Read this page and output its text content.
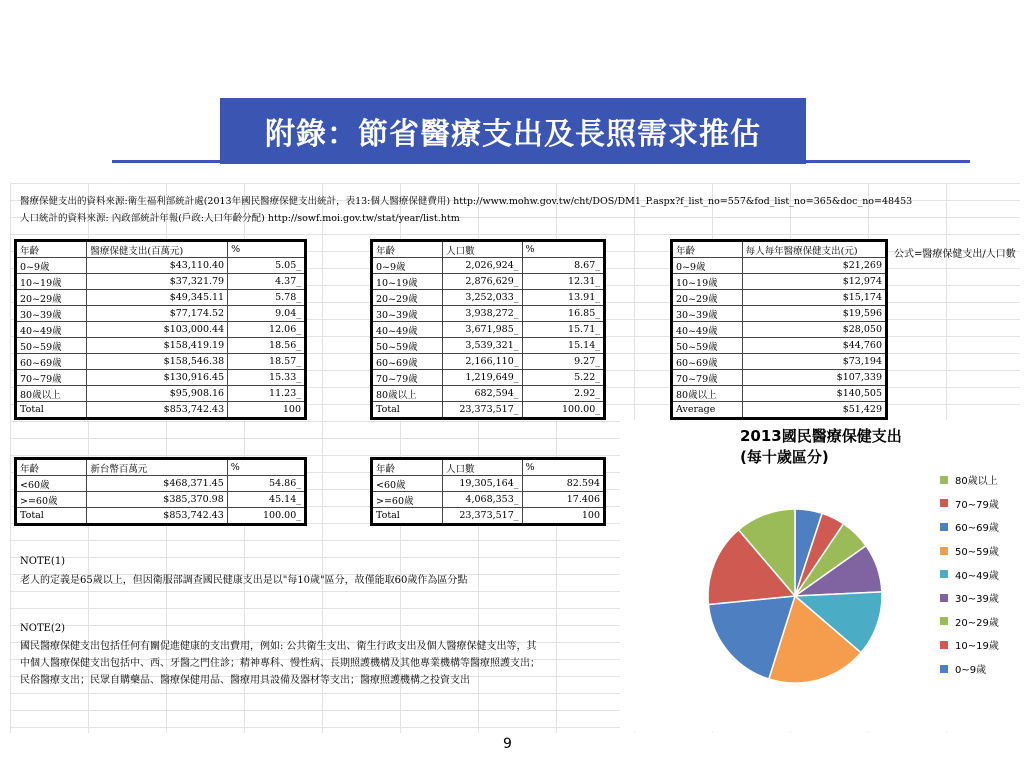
附錄：節省醫療支出及長照需求推估
醫療保健支出的資料來源:衛生福利部統計處(2013年國民醫療保健支出統計，表13:個人醫療保健費用) http://www.mohw.gov.tw/cht/DOS/DM1_P.aspx?f_list_no=557&fod_list_no=365&doc_no=48453
人口統計的資料來源: 內政部統計年報(戶政:人口年齡分配) http://sowf.moi.gov.tw/stat/year/list.htm
年齡	醫療保健支出(百萬元)	%
0~9歲	$43,110.40	5.05_
10~19歲	$37,321.79	4.37_
20~29歲	$49,345.11	5.78_
30~39歲	$77,174.52	9.04_
40~49歲	$103,000.44	12.06_
50~59歲	$158,419.19	18.56_
60~69歲	$158,546.38	18.57_
70~79歲	$130,916.45	15.33_
80歲以上	$95,908.16	11.23_
Total	$853,742.43	100
年齡	人口數	%
0~9歲	2,026,924_	8.67_
10~19歲	2,876,629_	12.31_
20~29歲	3,252,033_	13.91_
30~39歲	3,938,272_	16.85_
40~49歲	3,671,985_	15.71_
50~59歲	3,539,321_	15.14_
60~69歲	2,166,110_	9.27_
70~79歲	1,219,649_	5.22_
80歲以上	682,594_	2.92_
Total	23,373,517_	100.00_
年齡	每人每年醫療保健支出(元)
0~9歲	$21,269
10~19歲	$12,974
20~29歲	$15,174
30~39歲	$19,596
40~49歲	$28,050
50~59歲	$44,760
60~69歲	$73,194
70~79歲	$107,339
80歲以上	$140,505
Average	$51,429
公式=醫療保健支出/人口數
年齡	新台幣百萬元	%
<60歲	$468,371.45	54.86_
>=60歲	$385,370.98	45.14_
Total	$853,742.43	100.00_
年齡	人口數	%
<60歲	19,305,164_	82.594
>=60歲	4,068,353_	17.406
Total	23,373,517_	100
NOTE(1)
老人的定義是65歲以上，但因衛服部調查國民健康支出是以"每10歲"區分，故僅能取60歲作為區分點
NOTE(2)
國民醫療保健支出包括任何有關促進健康的支出費用，例如: 公共衛生支出、衛生行政支出及個人醫療保健支出等，其中個人醫療保健支出包括中、西、牙醫之門住診；精神專科、慢性病、長期照護機構及其他專業機構等醫療照護支出；民俗醫療支出；民眾自購藥品、醫療保健用品、醫療用具設備及器材等支出；醫療照護機構之投資支出
2013國民醫療保健支出
(每十歲區分)
80歲以上
70~79歲
60~69歲
50~59歲
40~49歲
30~39歲
20~29歲
10~19歲
0~9歲
9
